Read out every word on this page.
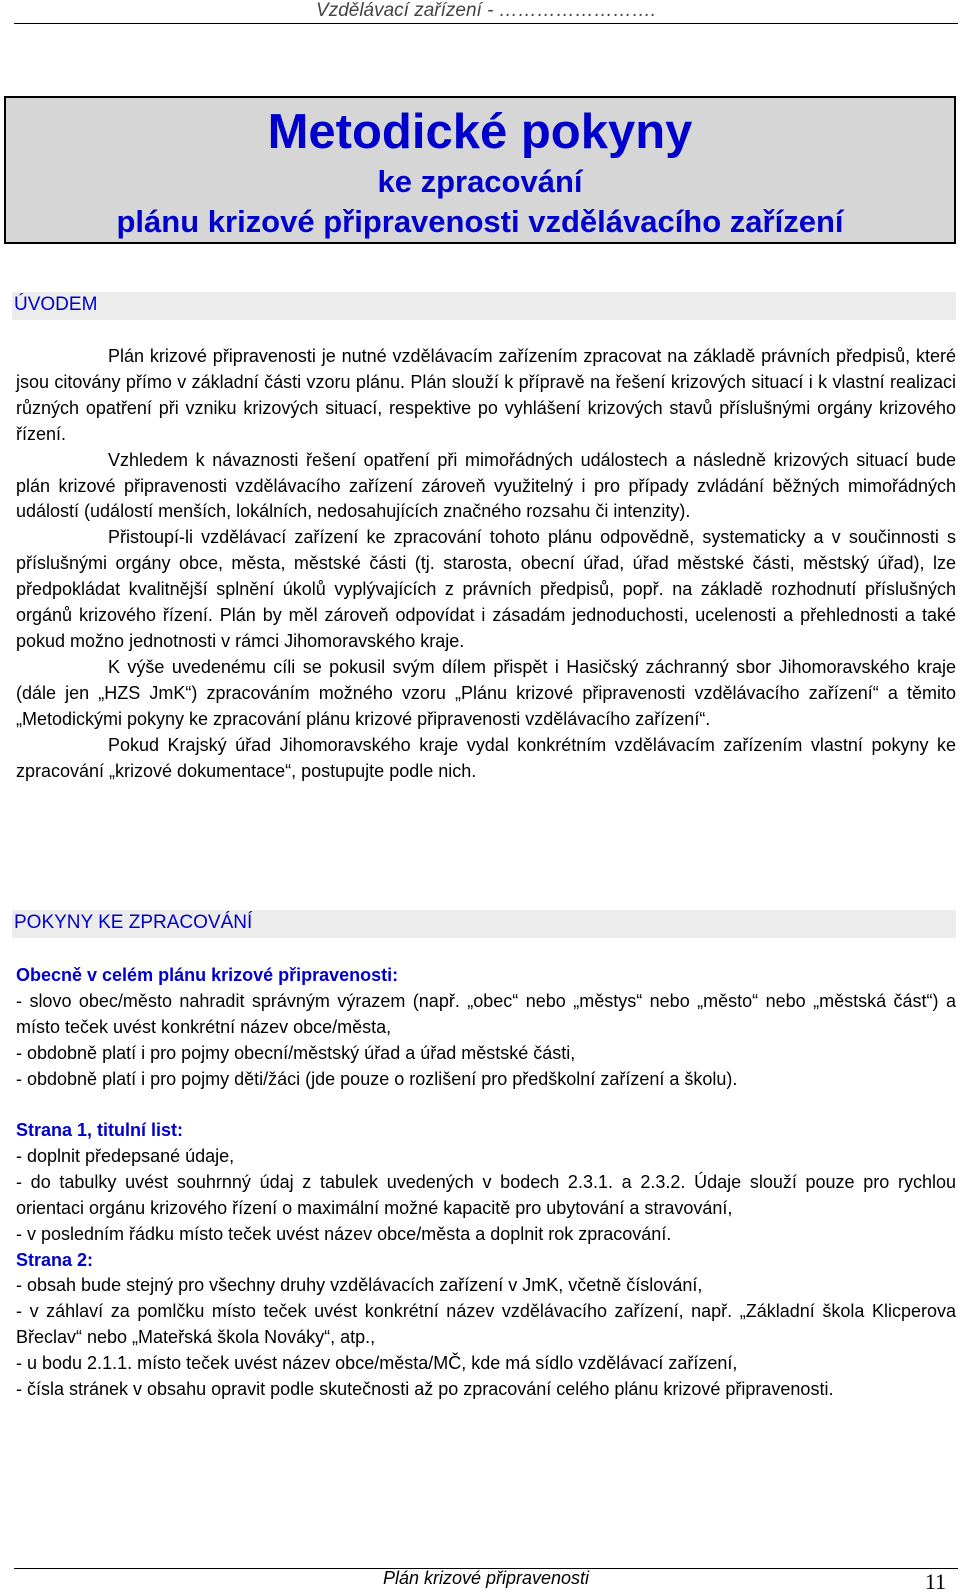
Vzdělávací zařízení - …………………….
Metodické pokyny
ke zpracování
plánu krizové připravenosti vzdělávacího zařízení
ÚVODEM

Plán krizové připravenosti je nutné vzdělávacím zařízením zpracovat na základě právních předpisů, které jsou citovány přímo v základní části vzoru plánu. Plán slouží k přípravě na řešení krizových situací i k vlastní realizaci různých opatření při vzniku krizových situací, respektive po vyhlášení krizových stavů příslušnými orgány krizového řízení.

Vzhledem k návaznosti řešení opatření při mimořádných událostech a následně krizových situací bude plán krizové připravenosti vzdělávacího zařízení zároveň využitelný i pro případy zvládání běžných mimořádných událostí (událostí menších, lokálních, nedosahujících značného rozsahu či intenzity).

Přistoupí-li vzdělávací zařízení ke zpracování tohoto plánu odpovědně, systematicky a v součinnosti s příslušnými orgány obce, města, městské části (tj. starosta, obecní úřad, úřad městské části, městský úřad), lze předpokládat kvalitnější splnění úkolů vyplývajících z právních předpisů, popř. na základě rozhodnutí příslušných orgánů krizového řízení. Plán by měl zároveň odpovídat i zásadám jednoduchosti, ucelenosti a přehlednosti a také pokud možno jednotnosti v rámci Jihomoravského kraje.

K výše uvedenému cíli se pokusil svým dílem přispět i Hasičský záchranný sbor Jihomoravského kraje (dále jen „HZS JmK“) zpracováním možného vzoru „Plánu krizové připravenosti vzdělávacího zařízení“ a těmito „Metodickými pokyny ke zpracování plánu krizové připravenosti vzdělávacího zařízení“.

Pokud Krajský úřad Jihomoravského kraje vydal konkrétním vzdělávacím zařízením vlastní pokyny ke zpracování „krizové dokumentace“, postupujte podle nich.

POKYNY KE ZPRACOVÁNÍ

Obecně v celém plánu krizové připravenosti:

- slovo obec/město nahradit správným výrazem (např. „obec“ nebo „městys“ nebo „město“ nebo „městská část“) a místo teček uvést konkrétní název obce/města,

- obdobně platí i pro pojmy obecní/městský úřad a úřad městské části,

- obdobně platí i pro pojmy děti/žáci (jde pouze o rozlišení pro předškolní zařízení a školu).

Strana 1, titulní list:

- doplnit předepsané údaje,

- do tabulky uvést souhrnný údaj z tabulek uvedených v bodech 2.3.1. a 2.3.2. Údaje slouží pouze pro rychlou orientaci orgánu krizového řízení o maximální možné kapacitě pro ubytování a stravování,

- v posledním řádku místo teček uvést název obce/města a doplnit rok zpracování.

Strana 2:

- obsah bude stejný pro všechny druhy vzdělávacích zařízení v JmK, včetně číslování,

- v záhlaví za pomlčku místo teček uvést konkrétní název vzdělávacího zařízení, např. „Základní škola Klicperova Břeclav“ nebo „Mateřská škola Nováky“, atp.,

- u bodu 2.1.1. místo teček uvést název obce/města/MČ, kde má sídlo vzdělávací zařízení,

- čísla stránek v obsahu opravit podle skutečnosti až po zpracování celého plánu krizové připravenosti.

Plán krizové připravenosti	11
